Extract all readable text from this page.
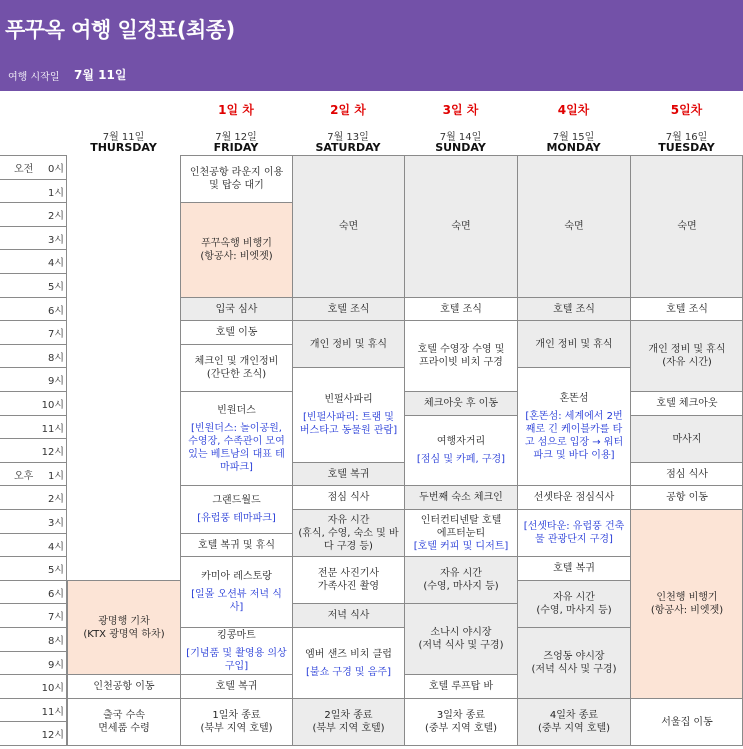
푸꾸옥 여행 일정표(최종)
여행 시작일 7월 11일
7월 11일
THURSDAY
1일 차
7월 12일
FRIDAY
2일 차
7월 13일
SATURDAY
3일 차
7월 14일
SUNDAY
4일차
7월 15일
MONDAY
5일차
7월 16일
TUESDAY
오전	0시
1시
2시
3시
4시
5시
6시
7시
8시
9시
10시
11시
12시
오후	1시
2시
3시
4시
5시
6시
7시
8시
9시
10시
11시
12시
광명행 기차
(KTX 광명역 하차)
인천공항 이동
출국 수속
면세품 수령
인천공항 라운지 이용
및 탑승 대기
푸꾸옥행 비행기
(항공사: 비엣젯)
입국 심사
호텔 이동
체크인 및 개인정비
(간단한 조식)
빈원더스
[빈원더스: 놀이공원, 수영장, 수족관이 모여있는 베트남의 대표 테마파크]
그랜드월드
[유럽풍 테마파크]
호텔 복귀 및 휴식
카미아 레스토랑
[일몰 오션뷰 저녁 식사]
킹콩마트
[기념품 및 촬영용 의상 구입]
호텔 복귀
1일차 종료
(북부 지역 호텔)
숙면
호텔 조식
개인 정비 및 휴식
빈펄사파리
[빈펄사파리: 트램 및 버스타고 동물원 관람]
호텔 복귀
점심 식사
자유 시간
(휴식, 수영, 숙소 및 바다 구경 등)
전문 사진기사
가족사진 촬영
저녁 식사
엠버 샌즈 비치 클럽
[불쇼 구경 및 음주]
2일차 종료
(북부 지역 호텔)
숙면
호텔 조식
호텔 수영장 수영 및
프라이빗 비치 구경
체크아웃 후 이동
여행자거리
[점심 및 카페, 구경]
두번째 숙소 체크인
인터컨티넨탈 호텔
에프터눈티
[호텔 커피 및 디저트]
자유 시간
(수영, 마사지 등)
소나시 야시장
(저녁 식사 및 구경)
호텔 루프탑 바
3일차 종료
(중부 지역 호텔)
숙면
호텔 조식
개인 정비 및 휴식
혼똔섬
[혼똔섬: 세계에서 2번째로 긴 케이블카를 타고 섬으로 입장 → 워터파크 및 바다 이용]
선셋타운 점심식사
[선셋타운: 유럽풍 건축물 관광단지 구경]
호텔 복귀
자유 시간
(수영, 마사지 등)
즈엉동 야시장
(저녁 식사 및 구경)
4일차 종료
(중부 지역 호텔)
숙면
호텔 조식
개인 정비 및 휴식
(자유 시간)
호텔 체크아웃
마사지
점심 식사
공항 이동
인천행 비행기
(항공사: 비엣젯)
서울집 이동
